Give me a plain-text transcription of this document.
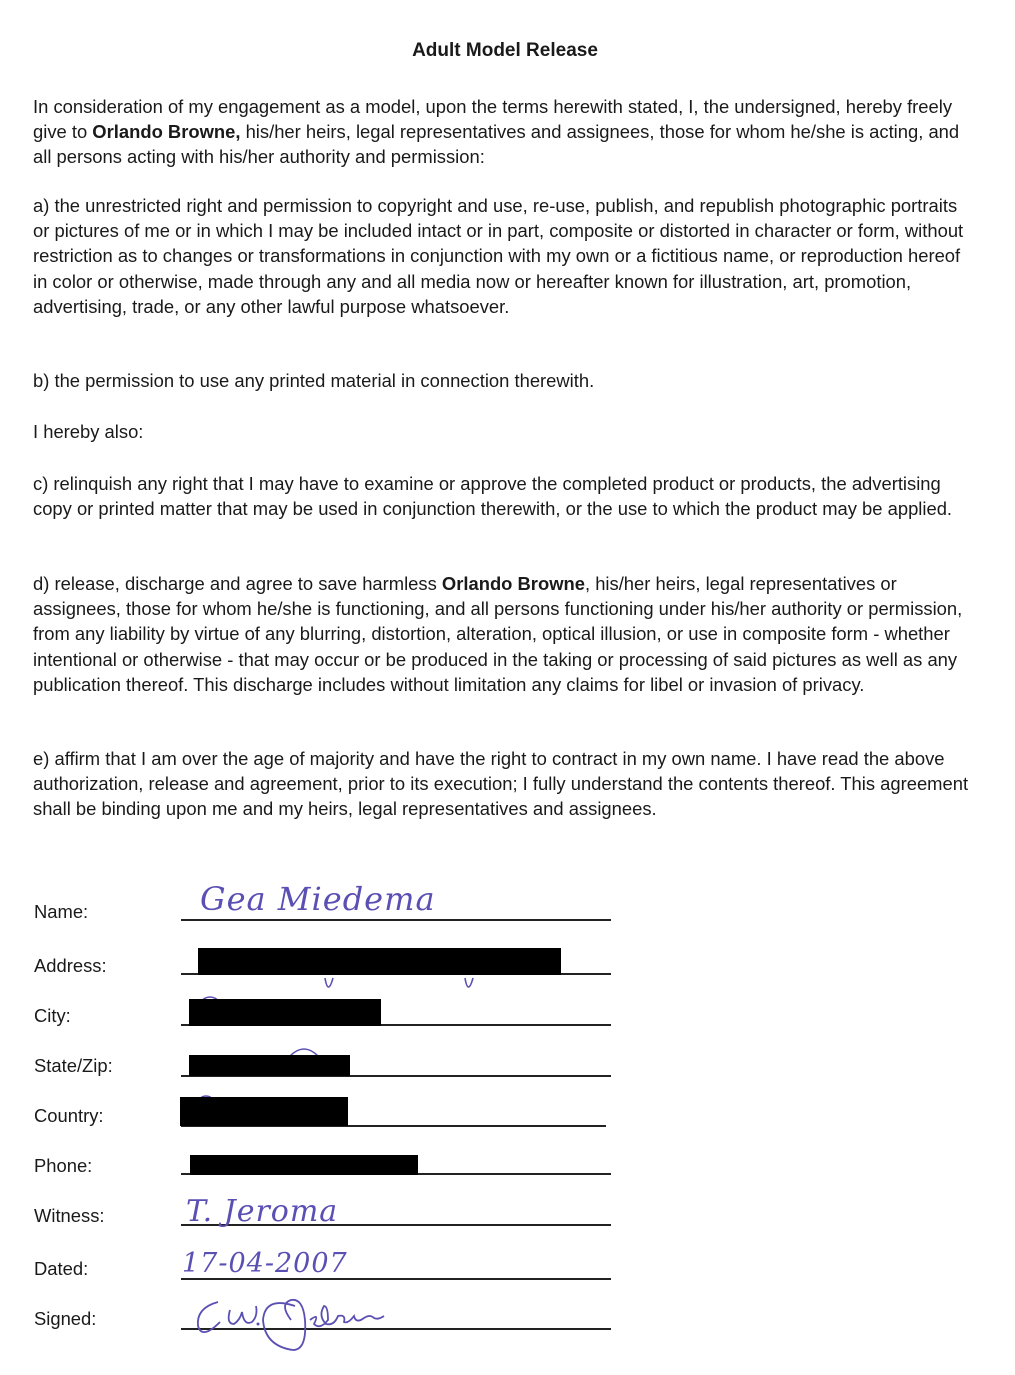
Adult Model Release

In consideration of my engagement as a model, upon the terms herewith stated, I, the undersigned, hereby freely give to Orlando Browne, his/her heirs, legal representatives and assignees, those for whom he/she is acting, and all persons acting with his/her authority and permission:

a) the unrestricted right and permission to copyright and use, re-use, publish, and republish photographic portraits or pictures of me or in which I may be included intact or in part, composite or distorted in character or form, without restriction as to changes or transformations in conjunction with my own or a fictitious name, or reproduction hereof in color or otherwise, made through any and all media now or hereafter known for illustration, art, promotion, advertising, trade, or any other lawful purpose whatsoever.

b) the permission to use any printed material in connection therewith.

I hereby also:

c) relinquish any right that I may have to examine or approve the completed product or products, the advertising copy or printed matter that may be used in conjunction therewith, or the use to which the product may be applied.

d) release, discharge and agree to save harmless Orlando Browne, his/her heirs, legal representatives or assignees, those for whom he/she is functioning, and all persons functioning under his/her authority or permission, from any liability by virtue of any blurring, distortion, alteration, optical illusion, or use in composite form - whether intentional or otherwise - that may occur or be produced in the taking or processing of said pictures as well as any publication thereof. This discharge includes without limitation any claims for libel or invasion of privacy.

e) affirm that I am over the age of majority and have the right to contract in my own name. I have read the above authorization, release and agreement, prior to its execution; I fully understand the contents thereof. This agreement shall be binding upon me and my heirs, legal representatives and assignees.

Name:
Address:
City:
State/Zip:
Country:
Phone:
Witness:
Dated:
Signed:
Gea Miedema
T. Jeroma
17-04-2007
